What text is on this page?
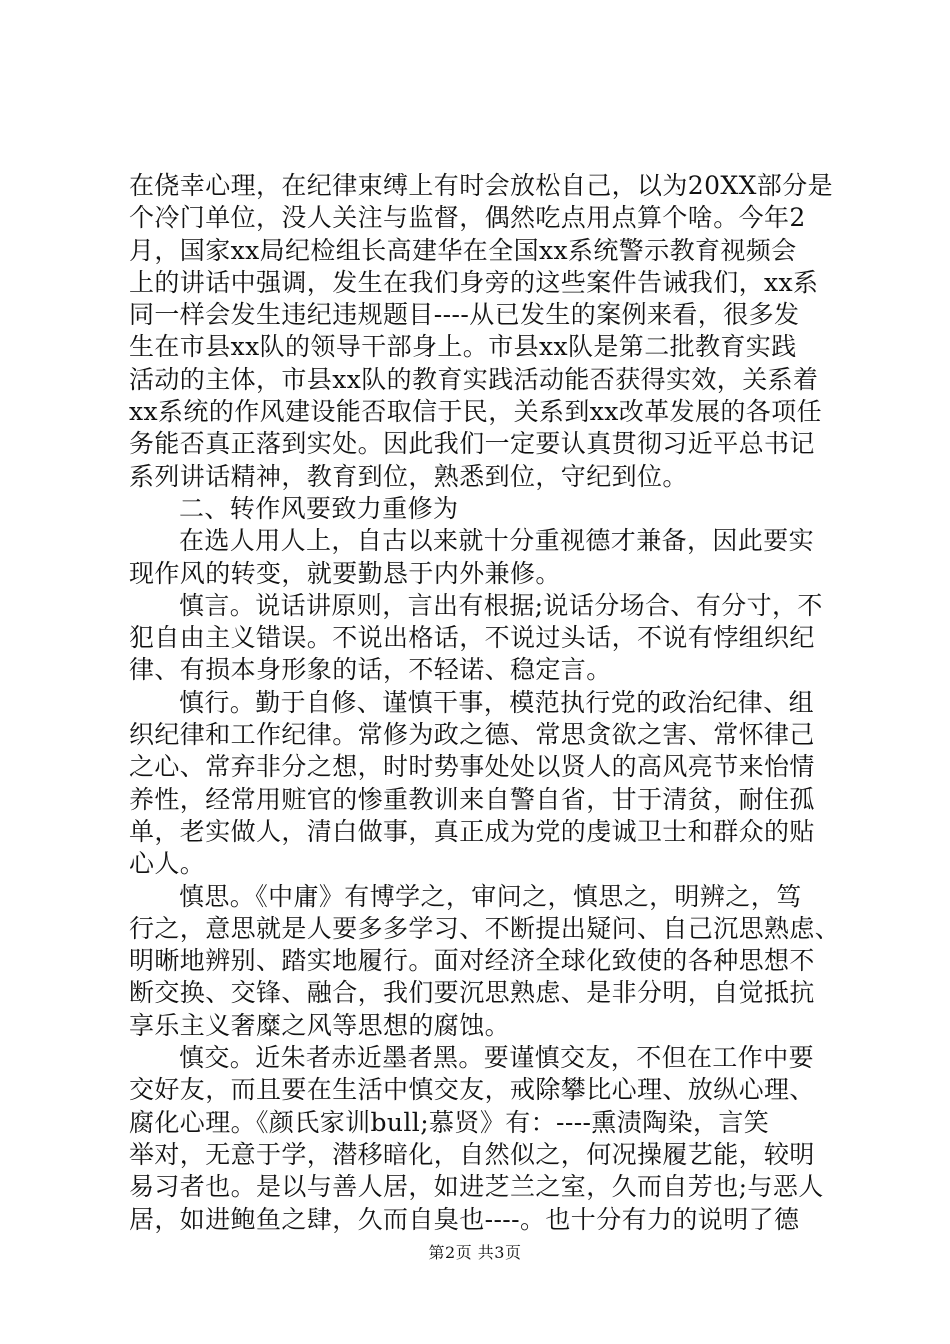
在侥幸心理，在纪律束缚上有时会放松自己，以为20XX部分是
个冷门单位，没人关注与监督，偶然吃点用点算个啥。今年2
月，国家xx局纪检组长高建华在全国xx系统警示教育视频会
上的讲话中强调，发生在我们身旁的这些案件告诫我们，xx系
同一样会发生违纪违规题目----从已发生的案例来看，很多发
生在市县xx队的领导干部身上。市县xx队是第二批教育实践
活动的主体，市县xx队的教育实践活动能否获得实效，关系着
xx系统的作风建设能否取信于民，关系到xx改革发展的各项任
务能否真正落到实处。因此我们一定要认真贯彻习近平总书记
系列讲话精神，教育到位，熟悉到位，守纪到位。
二、转作风要致力重修为
在选人用人上，自古以来就十分重视德才兼备，因此要实
现作风的转变，就要勤恳于内外兼修。
慎言。说话讲原则，言出有根据;说话分场合、有分寸，不
犯自由主义错误。不说出格话，不说过头话，不说有悖组织纪
律、有损本身形象的话，不轻诺、稳定言。
慎行。勤于自修、谨慎干事，模范执行党的政治纪律、组
织纪律和工作纪律。常修为政之德、常思贪欲之害、常怀律己
之心、常弃非分之想，时时势事处处以贤人的高风亮节来怡情
养性，经常用赃官的惨重教训来自警自省，甘于清贫，耐住孤
单，老实做人，清白做事，真正成为党的虔诚卫士和群众的贴
心人。
慎思。《中庸》有博学之，审问之，慎思之，明辨之，笃
行之，意思就是人要多多学习、不断提出疑问、自己沉思熟虑、
明晰地辨别、踏实地履行。面对经济全球化致使的各种思想不
断交换、交锋、融合，我们要沉思熟虑、是非分明，自觉抵抗
享乐主义奢糜之风等思想的腐蚀。
慎交。近朱者赤近墨者黑。要谨慎交友，不但在工作中要
交好友，而且要在生活中慎交友，戒除攀比心理、放纵心理、
腐化心理。《颜氏家训bull;慕贤》有：----熏渍陶染，言笑
举对，无意于学，潜移暗化，自然似之，何况操履艺能，较明
易习者也。是以与善人居，如进芝兰之室，久而自芳也;与恶人
居，如进鲍鱼之肆，久而自臭也----。也十分有力的说明了德
第2页 共3页
